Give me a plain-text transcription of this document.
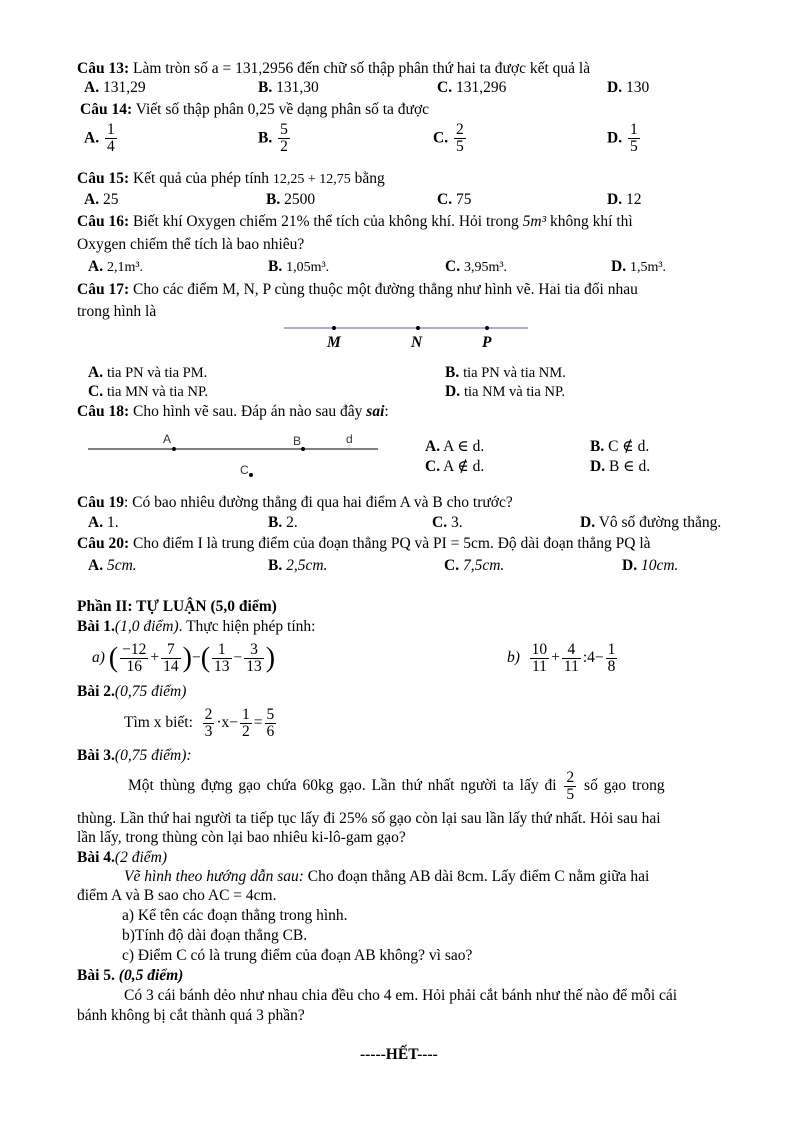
Câu 13: Làm tròn số a = 131,2956 đến chữ số thập phân thứ hai ta được kết quả là
A. 131,29	B. 131,30	C. 131,296	D. 130
Câu 14: Viết số thập phân 0,25 về dạng phân số ta được
A. $\frac{1}{4}$	B. $\frac{5}{2}$	C. $\frac{2}{5}$	D. $\frac{1}{5}$
Câu 15: Kết quả của phép tính 12,25 + 12,75 bằng
A. 25	B. 2500	C. 75	D. 12
Câu 16: Biết khí Oxygen chiếm 21% thể tích của không khí. Hỏi trong 5m³ không khí thì
Oxygen chiếm thể tích là bao nhiêu?
A. 2,1m³.	B. 1,05m³.	C. 3,95m³.	D. 1,5m³.
Câu 17: Cho các điểm M, N, P cùng thuộc một đường thẳng như hình vẽ. Hai tia đối nhau
trong hình là
M	N	P
A. tia PN và tia PM.	B. tia PN và tia NM.
C. tia MN và tia NP.	D. tia NM và tia NP.
Câu 18: Cho hình vẽ sau. Đáp án nào sau đây sai:
A	B	d
C
A. A ∈ d.	B. C ∉ d.
C. A ∉ d.	D. B ∈ d.
Câu 19: Có bao nhiêu đường thẳng đi qua hai điểm A và B cho trước?
A. 1.	B. 2.	C. 3.	D. Vô số đường thẳng.
Câu 20: Cho điểm I là trung điểm của đoạn thẳng PQ và PI = 5cm. Độ dài đoạn thẳng PQ là
A. 5cm.	B. 2,5cm.	C. 7,5cm.	D. 10cm.
Phần II: TỰ LUẬN (5,0 điểm)
Bài 1.(1,0 điểm). Thực hiện phép tính:
a) ( $\frac{-12}{16} + \frac{7}{14}$ )−( $\frac{1}{13} - \frac{3}{13}$ )	$b) \frac{10}{11} + \frac{4}{11}$ :4− $\frac{1}{8}$
Bài 2.(0,75 điểm)
Tìm x biết: $\frac{2}{3} \cdot x- \frac{1}{2} = \frac{5}{6}$
Bài 3.(0,75 điểm):
Một thùng đựng gạo chứa 60kg gạo. Lần thứ nhất người ta lấy đi $\frac{2}{5}$ số gạo trong
thùng. Lần thứ hai người ta tiếp tục lấy đi 25% số gạo còn lại sau lần lấy thứ nhất. Hỏi sau hai
lần lấy, trong thùng còn lại bao nhiêu ki-lô-gam gạo?
Bài 4.(2 điểm)
Vẽ hình theo hướng dẫn sau: Cho đoạn thẳng AB dài 8cm. Lấy điểm C nằm giữa hai
điểm A và B sao cho AC = 4cm.
a) Kể tên các đoạn thẳng trong hình.
b)Tính độ dài đoạn thẳng CB.
c) Điểm C có là trung điểm của đoạn AB không? vì sao?
Bài 5. (0,5 điểm)
Có 3 cái bánh dẻo như nhau chia đều cho 4 em. Hỏi phải cắt bánh như thế nào để mỗi cái
bánh không bị cắt thành quá 3 phần?
-----HẾT----
